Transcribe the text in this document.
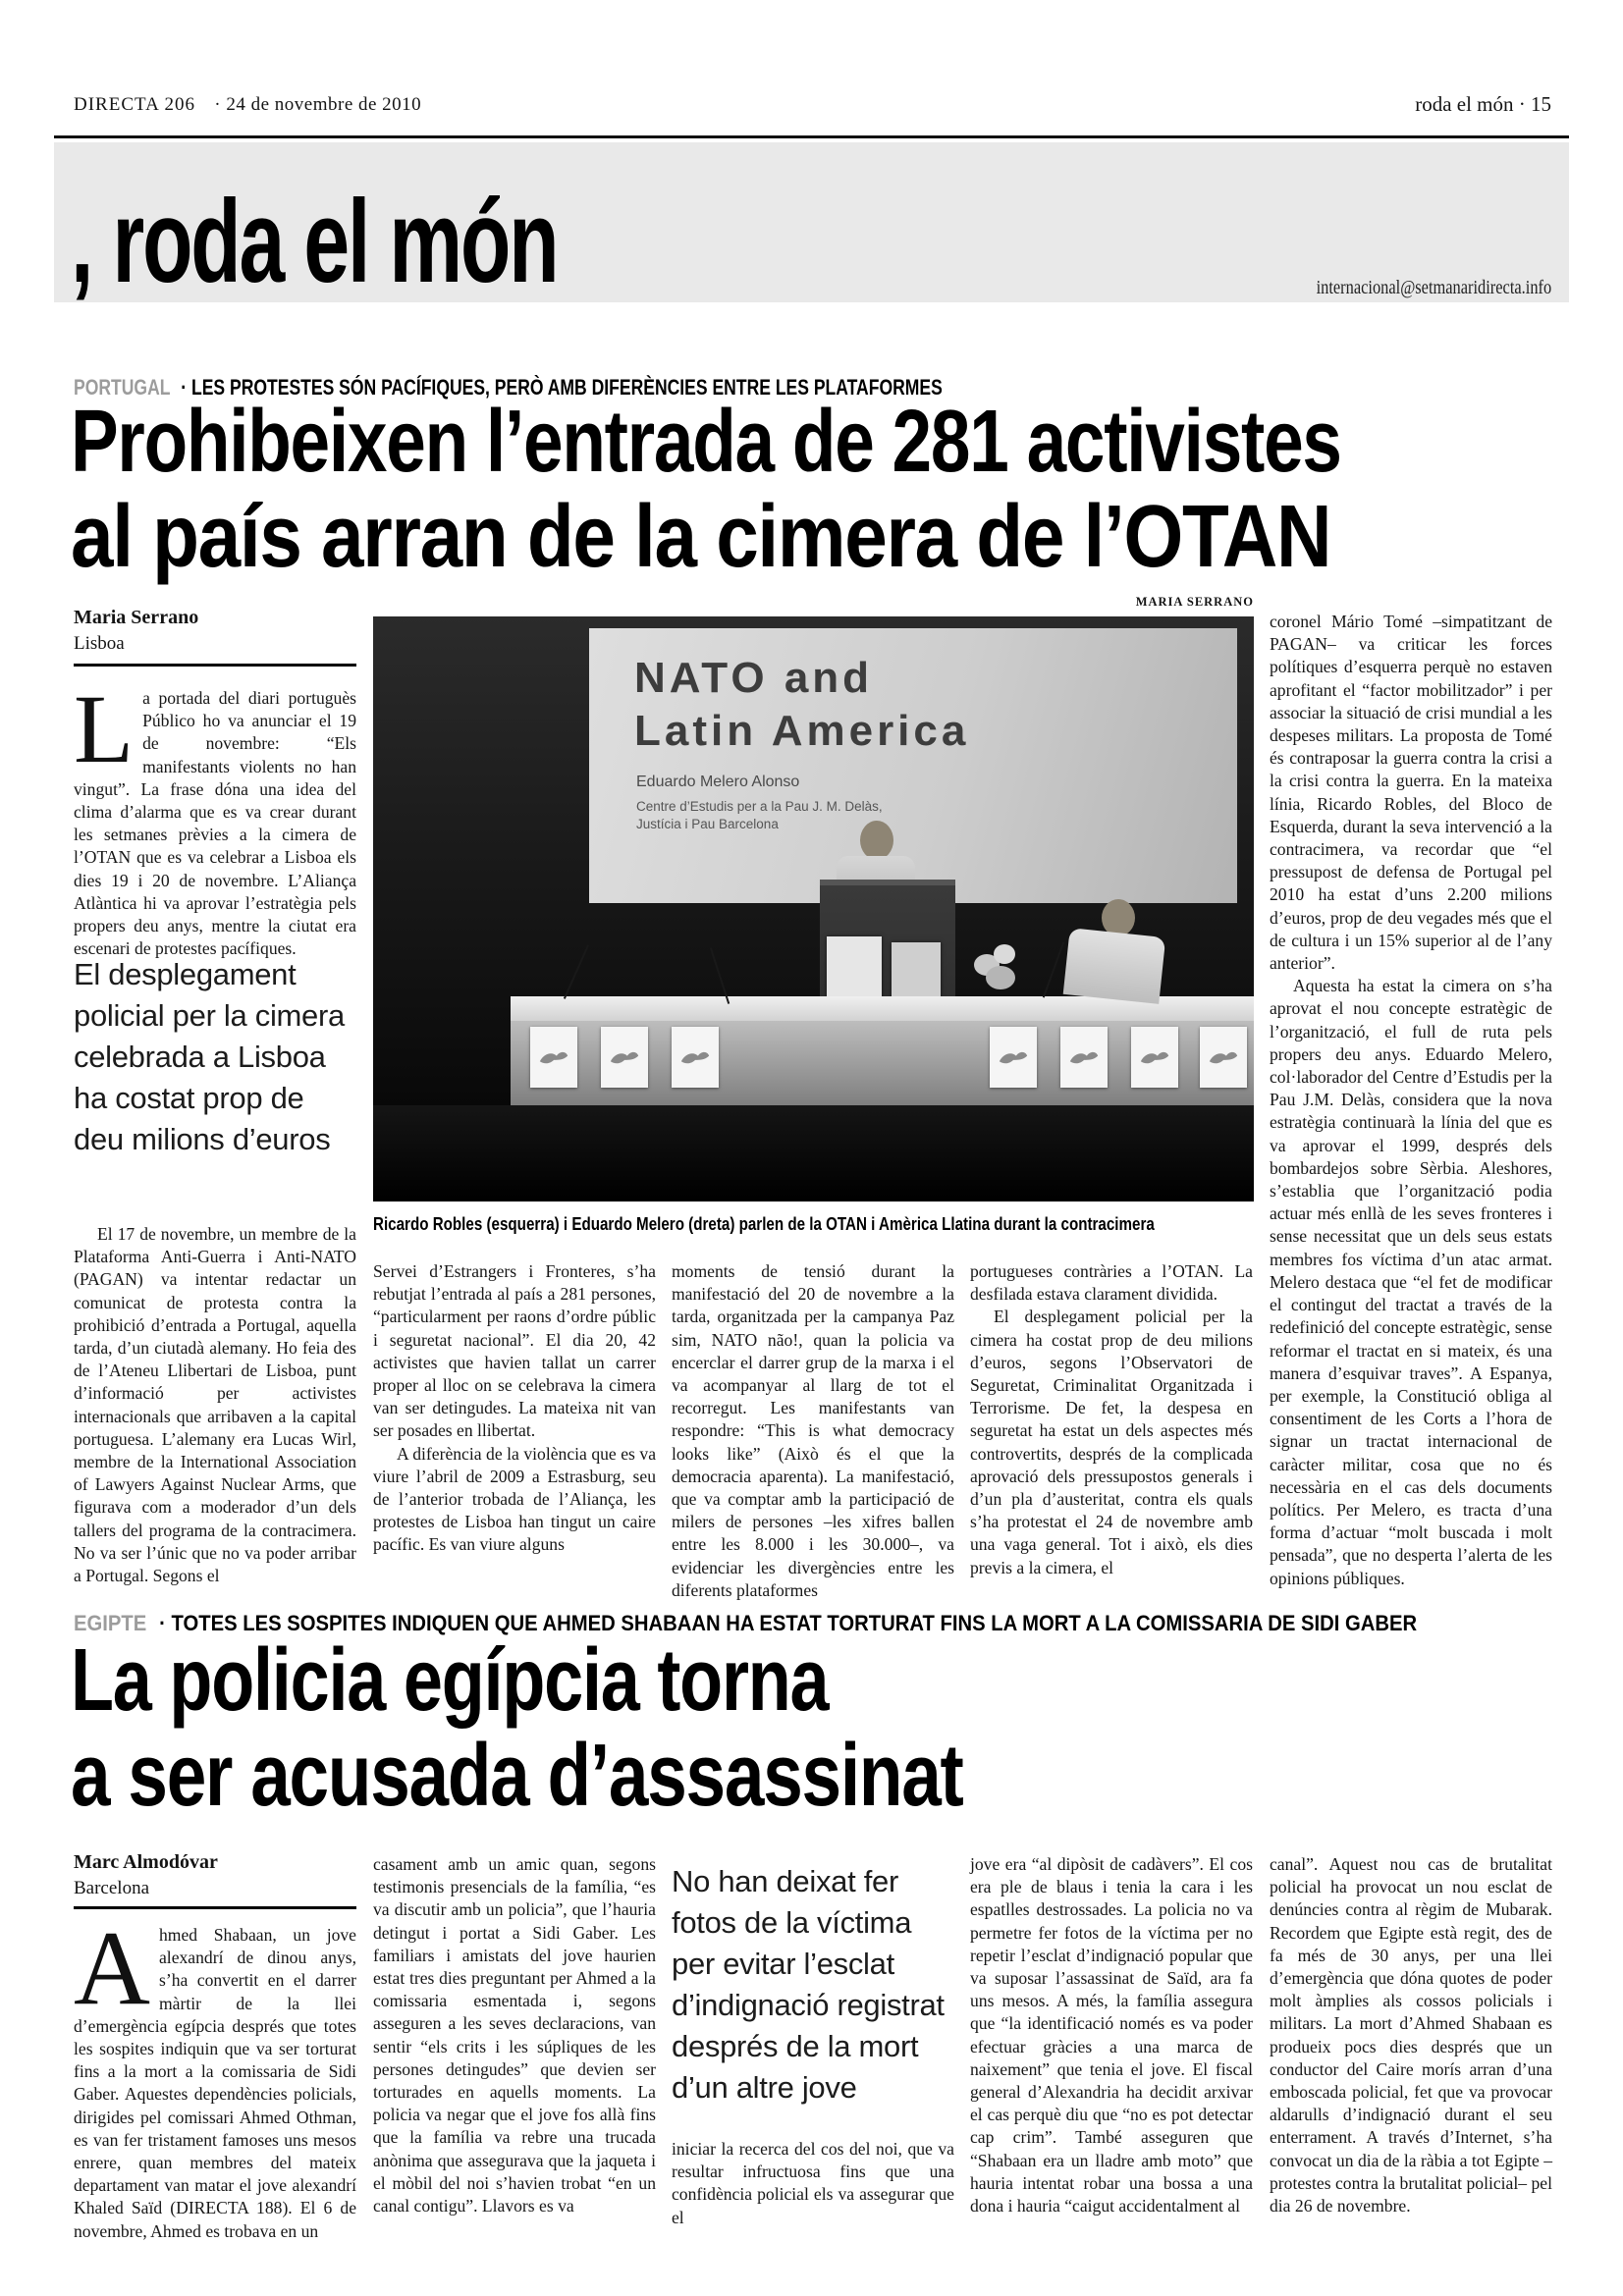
DIRECTA 206 · 24 de novembre de 2010	roda el món · 15
, roda el món	internacional@setmanaridirecta.info
PORTUGAL · LES PROTESTES SÓN PACÍFIQUES, PERÒ AMB DIFERÈNCIES ENTRE LES PLATAFORMES
Prohibeixen l’entrada de 281 activistes
al país arran de la cimera de l’OTAN
Maria Serrano
Lisboa
MARIA SERRANO
NATO and
Latin America
Eduardo Melero Alonso
Centre d’Estudis per a la Pau J. M. Delàs,
Justícia i Pau Barcelona
Ricardo Robles (esquerra) i Eduardo Melero (dreta) parlen de la OTAN i Amèrica Llatina durant la contracimera
La portada del diari portuguès Público ho va anunciar el 19 de novembre: “Els manifestants violents no han vingut”. La frase dóna una idea del clima d’alarma que es va crear durant les setmanes prèvies a la cimera de l’OTAN que es va celebrar a Lisboa els dies 19 i 20 de novembre. L’Aliança Atlàntica hi va aprovar l’estratègia pels propers deu anys, mentre la ciutat era escenari de protestes pacífiques.
El desplegament policial per la cimera celebrada a Lisboa ha costat prop de deu milions d’euros
El 17 de novembre, un membre de la Plataforma Anti-Guerra i Anti-NATO (PAGAN) va intentar redactar un comunicat de protesta contra la prohibició d’entrada a Portugal, aquella tarda, d’un ciutadà alemany. Ho feia des de l’Ateneu Llibertari de Lisboa, punt d’informació per activistes internacionals que arribaven a la capital portuguesa. L’alemany era Lucas Wirl, membre de la International Association of Lawyers Against Nuclear Arms, que figurava com a moderador d’un dels tallers del programa de la contracimera. No va ser l’únic que no va poder arribar a Portugal. Segons el
Servei d’Estrangers i Fronteres, s’ha rebutjat l’entrada al país a 281 persones, “particularment per raons d’ordre públic i seguretat nacional”. El dia 20, 42 activistes que havien tallat un carrer proper al lloc on se celebrava la cimera van ser detingudes. La mateixa nit van ser posades en llibertat.
A diferència de la violència que es va viure l’abril de 2009 a Estrasburg, seu de l’anterior trobada de l’Aliança, les protestes de Lisboa han tingut un caire pacífic. Es van viure alguns
moments de tensió durant la manifestació del 20 de novembre a la tarda, organitzada per la campanya Paz sim, NATO não!, quan la policia va encerclar el darrer grup de la marxa i el va acompanyar al llarg de tot el recorregut. Les manifestants van respondre: “This is what democracy looks like” (Això és el que la democracia aparenta). La manifestació, que va comptar amb la participació de milers de persones –les xifres ballen entre les 8.000 i les 30.000–, va evidenciar les divergències entre les diferents plataformes
portugueses contràries a l’OTAN. La desfilada estava clarament dividida.
El desplegament policial per la cimera ha costat prop de deu milions d’euros, segons l’Observatori de Seguretat, Criminalitat Organitzada i Terrorisme. De fet, la despesa en seguretat ha estat un dels aspectes més controvertits, després de la complicada aprovació dels pressupostos generals i d’un pla d’austeritat, contra els quals s’ha protestat el 24 de novembre amb una vaga general. Tot i això, els dies previs a la cimera, el
coronel Mário Tomé –simpatitzant de PAGAN– va criticar les forces polítiques d’esquerra perquè no estaven aprofitant el “factor mobilitzador” i per associar la situació de crisi mundial a les despeses militars. La proposta de Tomé és contraposar la guerra contra la crisi a la crisi contra la guerra. En la mateixa línia, Ricardo Robles, del Bloco de Esquerda, durant la seva intervenció a la contracimera, va recordar que “el pressupost de defensa de Portugal pel 2010 ha estat d’uns 2.200 milions d’euros, prop de deu vegades més que el de cultura i un 15% superior al de l’any anterior”.
Aquesta ha estat la cimera on s’ha aprovat el nou concepte estratègic de l’organització, el full de ruta pels propers deu anys. Eduardo Melero, col·laborador del Centre d’Estudis per la Pau J.M. Delàs, considera que la nova estratègia continuarà la línia del que es va aprovar el 1999, després dels bombardejos sobre Sèrbia. Aleshores, s’establia que l’organització podia actuar més enllà de les seves fronteres i sense necessitat que un dels seus estats membres fos víctima d’un atac armat. Melero destaca que “el fet de modificar el contingut del tractat a través de la redefinició del concepte estratègic, sense reformar el tractat en si mateix, és una manera d’esquivar traves”. A Espanya, per exemple, la Constitució obliga al consentiment de les Corts a l’hora de signar un tractat internacional de caràcter militar, cosa que no és necessària en el cas dels documents polítics. Per Melero, es tracta d’una forma d’actuar “molt buscada i molt pensada”, que no desperta l’alerta de les opinions públiques.
EGIPTE · TOTES LES SOSPITES INDIQUEN QUE AHMED SHABAAN HA ESTAT TORTURAT FINS LA MORT A LA COMISSARIA DE SIDI GABER
La policia egípcia torna
a ser acusada d’assassinat
Marc Almodóvar
Barcelona
Ahmed Shabaan, un jove alexandrí de dinou anys, s’ha convertit en el darrer màrtir de la llei d’emergència egípcia després que totes les sospites indiquin que va ser torturat fins a la mort a la comissaria de Sidi Gaber. Aquestes dependències policials, dirigides pel comissari Ahmed Othman, es van fer tristament famoses uns mesos enrere, quan membres del mateix departament van matar el jove alexandrí Khaled Saïd (DIRECTA 188). El 6 de novembre, Ahmed es trobava en un
casament amb un amic quan, segons testimonis presencials de la família, “es va discutir amb un policia”, que l’hauria detingut i portat a Sidi Gaber. Les familiars i amistats del jove haurien estat tres dies preguntant per Ahmed a la comissaria esmentada i, segons asseguren a les seves declaracions, van sentir “els crits i les súpliques de les persones detingudes” que devien ser torturades en aquells moments. La policia va negar que el jove fos allà fins que la família va rebre una trucada anònima que assegurava que la jaqueta i el mòbil del noi s’havien trobat “en un canal contigu”. Llavors es va
No han deixat fer fotos de la víctima per evitar l’esclat d’indignació registrat després de la mort d’un altre jove
iniciar la recerca del cos del noi, que va resultar infructuosa fins que una confidència policial els va assegurar que el
jove era “al dipòsit de cadàvers”. El cos era ple de blaus i tenia la cara i les espatlles destrossades. La policia no va permetre fer fotos de la víctima per no repetir l’esclat d’indignació popular que va suposar l’assassinat de Saïd, ara fa uns mesos. A més, la família assegura que “la identificació només es va poder efectuar gràcies a una marca de naixement” que tenia el jove. El fiscal general d’Alexandria ha decidit arxivar el cas perquè diu que “no es pot detectar cap crim”. També asseguren que “Shabaan era un lladre amb moto” que hauria intentat robar una bossa a una dona i hauria “caigut accidentalment al
canal”. Aquest nou cas de brutalitat policial ha provocat un nou esclat de denúncies contra al règim de Mubarak. Recordem que Egipte està regit, des de fa més de 30 anys, per una llei d’emergència que dóna quotes de poder molt àmplies als cossos policials i militars. La mort d’Ahmed Shabaan es produeix pocs dies després que un conductor del Caire morís arran d’una emboscada policial, fet que va provocar aldarulls d’indignació durant el seu enterrament. A través d’Internet, s’ha convocat un dia de la ràbia a tot Egipte –protestes contra la brutalitat policial– pel dia 26 de novembre.
